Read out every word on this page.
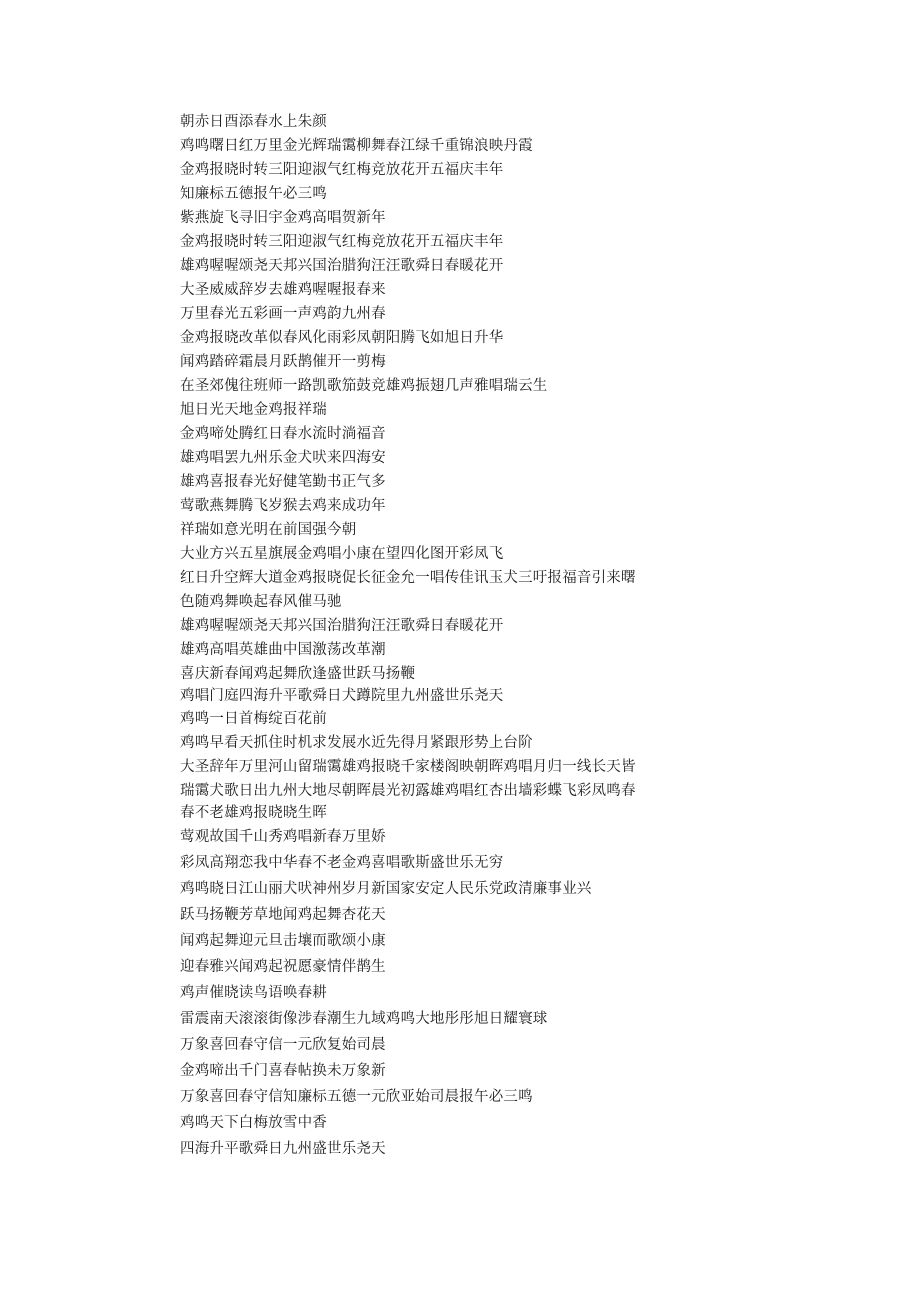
朝赤日酉添春水上朱颜
鸡鸣曙日红万里金光辉瑞霭柳舞春江绿千重锦浪映丹霞
金鸡报晓时转三阳迎淑气红梅竞放花开五福庆丰年
知廉标五德报午必三鸣
紫燕旋飞寻旧宇金鸡高唱贺新年
金鸡报晓时转三阳迎淑气红梅竞放花开五福庆丰年
雄鸡喔喔颂尧天邦兴国治腊狗汪汪歌舜日春暖花开
大圣威威辞岁去雄鸡喔喔报春来
万里春光五彩画一声鸡韵九州春
金鸡报晓改革似春风化雨彩凤朝阳腾飞如旭日升华
闻鸡踏碎霜晨月跃鹊催开一剪梅
在圣郊傀往班师一路凯歌笳鼓竞雄鸡振翅几声雅唱瑞云生
旭日光天地金鸡报祥瑞
金鸡啼处腾红日春水流时淌福音
雄鸡唱罢九州乐金犬吠来四海安
雄鸡喜报春光好健笔勤书正气多
莺歌燕舞腾飞岁猴去鸡来成功年
祥瑞如意光明在前国强今朝
大业方兴五星旗展金鸡唱小康在望四化图开彩凤飞
红日升空辉大道金鸡报晓促长征金允一唱传佳讯玉犬三吁报福音引来曙
色随鸡舞唤起春风催马驰
雄鸡喔喔颂尧天邦兴国治腊狗汪汪歌舜日春暖花开
雄鸡高唱英雄曲中国激荡改革潮
喜庆新春闻鸡起舞欣逢盛世跃马扬鞭
鸡唱门庭四海升平歌舜日犬蹲院里九州盛世乐尧天
鸡鸣一日首梅绽百花前
鸡鸣早看天抓住时机求发展水近先得月紧跟形势上台阶
大圣辞年万里河山留瑞霭雄鸡报晓千家楼阁映朝晖鸡唱月归一线长天皆
瑞霭犬歌日出九州大地尽朝晖晨光初露雄鸡唱红杏出墙彩蝶飞彩凤鸣春
春不老雄鸡报晓晓生晖
莺观故国千山秀鸡唱新春万里娇
彩凤高翔恋我中华春不老金鸡喜唱歌斯盛世乐无穷
鸡鸣晓日江山丽犬吠神州岁月新国家安定人民乐党政清廉事业兴
跃马扬鞭芳草地闻鸡起舞杏花天
闻鸡起舞迎元旦击壤而歌颂小康
迎春雅兴闻鸡起祝愿豪情伴鹊生
鸡声催晓读鸟语唤春耕
雷震南天滚滚街像涉春潮生九域鸡鸣大地彤彤旭日耀寰球
万象喜回春守信一元欣复始司晨
金鸡啼出千门喜春帖换未万象新
万象喜回春守信知廉标五德一元欣亚始司晨报午必三鸣
鸡鸣天下白梅放雪中香
四海升平歌舜日九州盛世乐尧天
